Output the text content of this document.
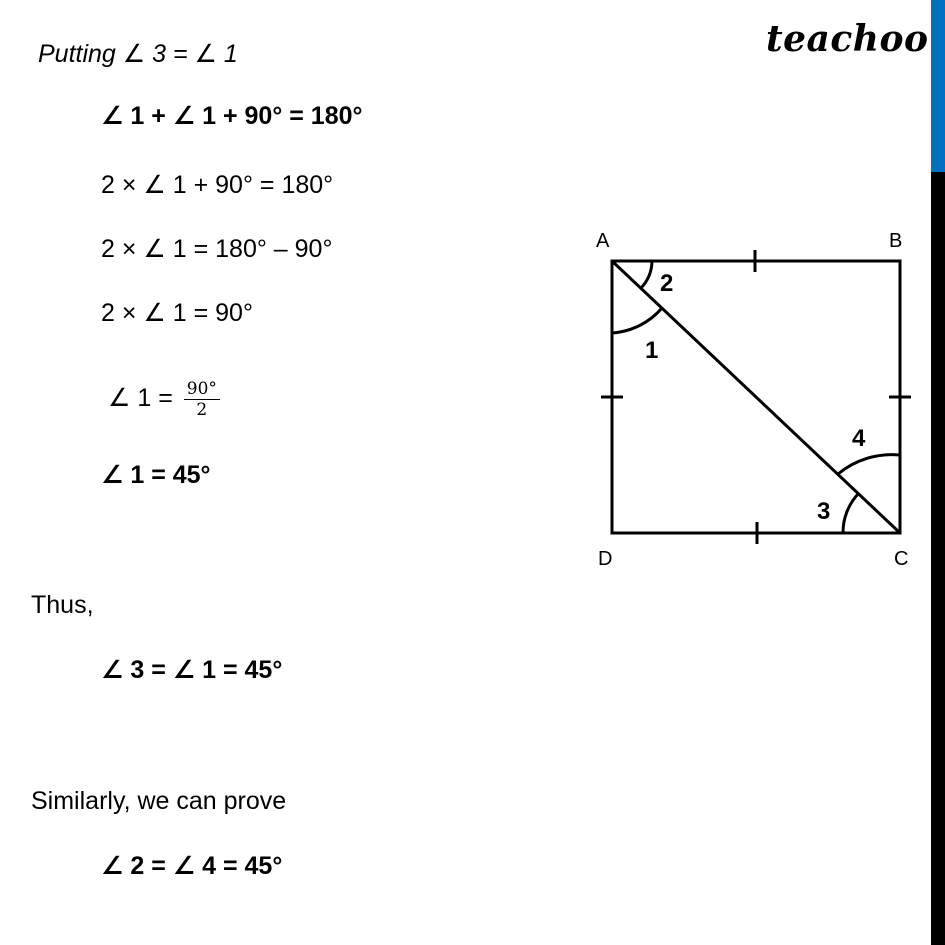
teachoo
Putting ∠ 3 = ∠ 1
∠ 1 + ∠ 1 + 90° = 180°
2 × ∠ 1 + 90° = 180°
2 × ∠ 1 = 180° – 90°
2 × ∠ 1 = 90°
∠ $1 = \frac{90^\circ}{2}$
∠ 1 = 45°
Thus,
∠ 3 = ∠ 1 = 45°
Similarly, we can prove
∠ 2 = ∠ 4 = 45°
A	B
C
D
1
2
3
4
